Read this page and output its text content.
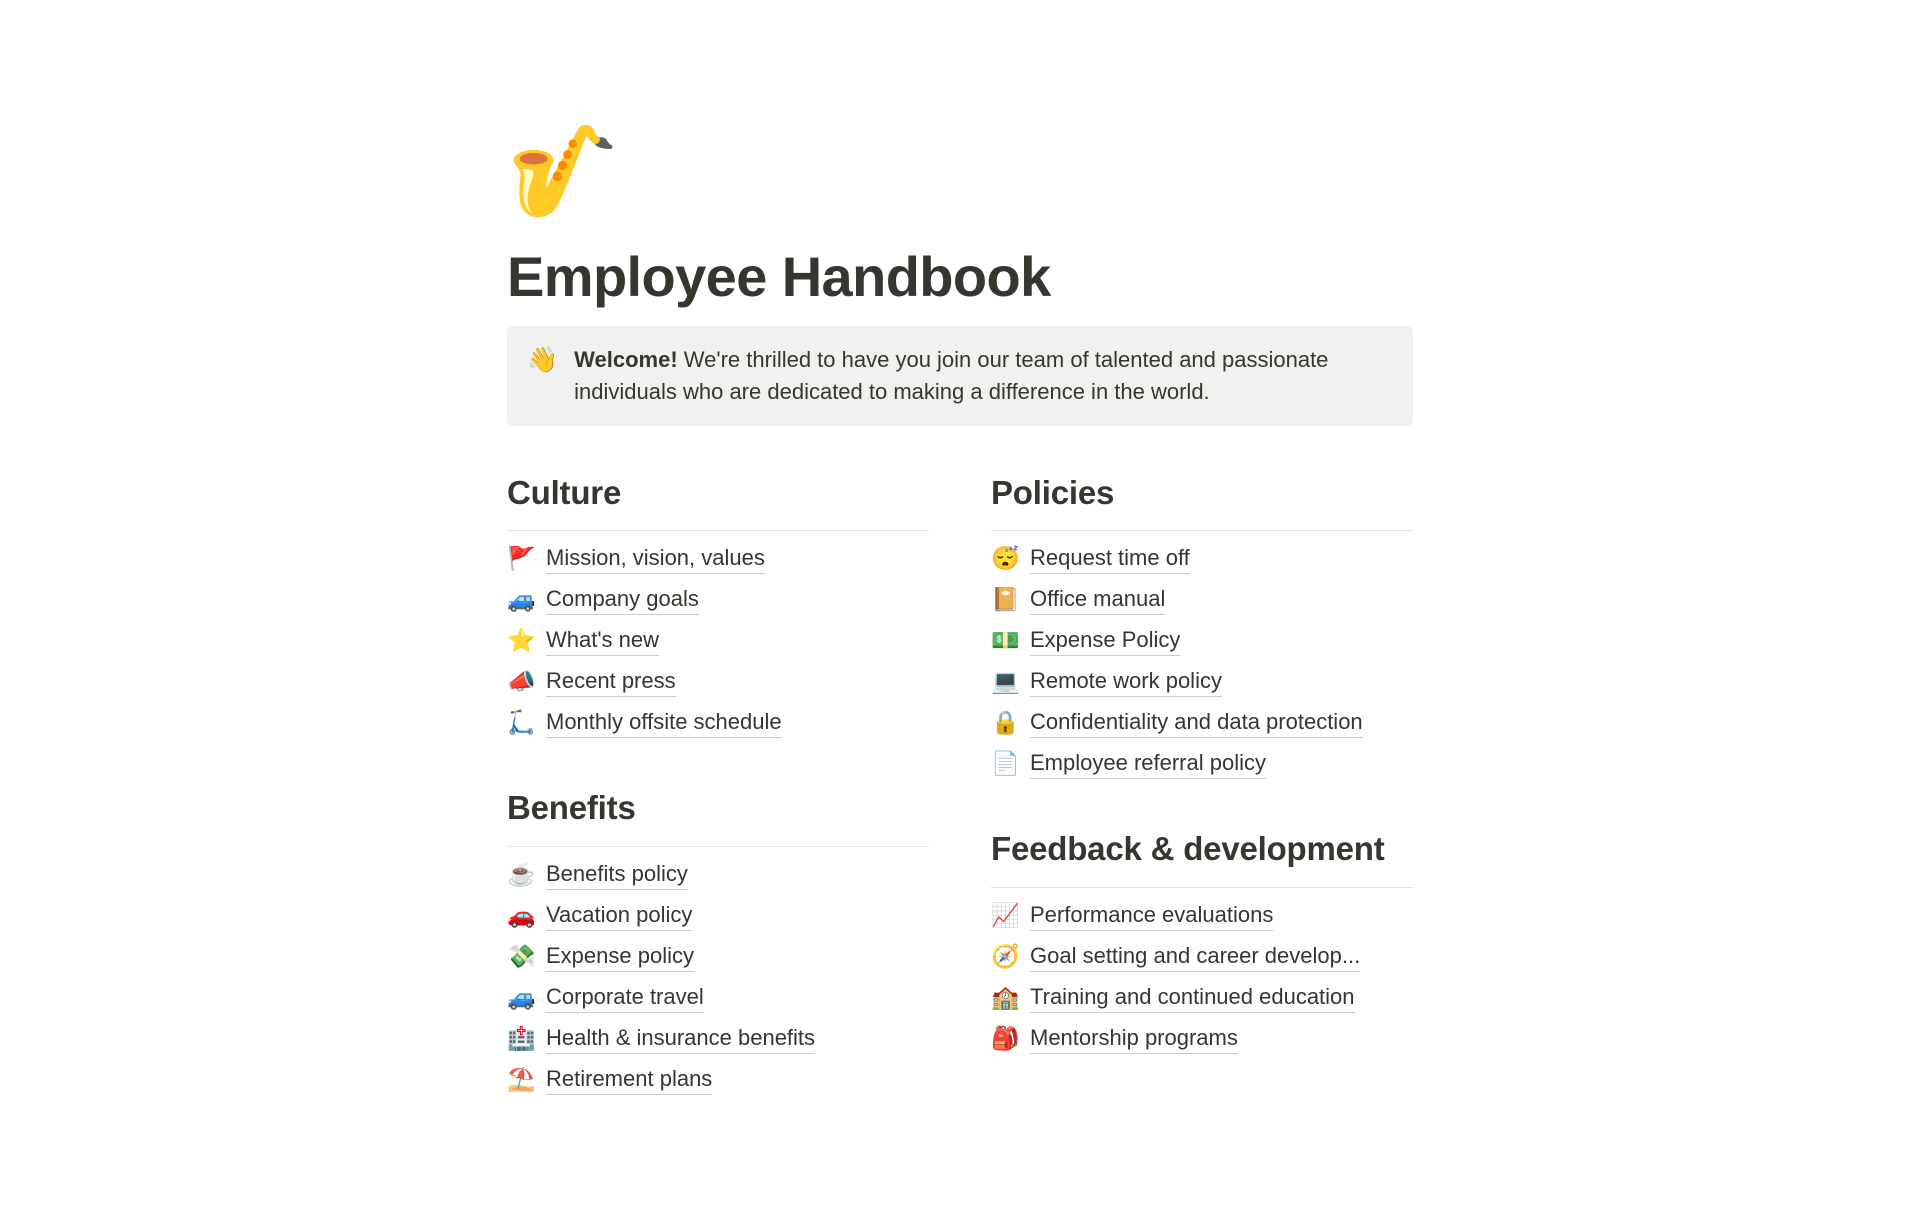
🎷
Employee Handbook
👋 Welcome! We're thrilled to have you join our team of talented and passionate individuals who are dedicated to making a difference in the world.

Culture
🚩 Mission, vision, values
🚙 Company goals
⭐ What's new
📣 Recent press
🛴 Monthly offsite schedule
Benefits
☕ Benefits policy
🚗 Vacation policy
💸 Expense policy
🚙 Corporate travel
🏥 Health & insurance benefits
⛱️ Retirement plans
Policies
😴 Request time off
📔 Office manual
💵 Expense Policy
💻 Remote work policy
🔒 Confidentiality and data protection
📄 Employee referral policy
Feedback & development
📈 Performance evaluations
🧭 Goal setting and career develop...
🏫 Training and continued education
🎒 Mentorship programs
